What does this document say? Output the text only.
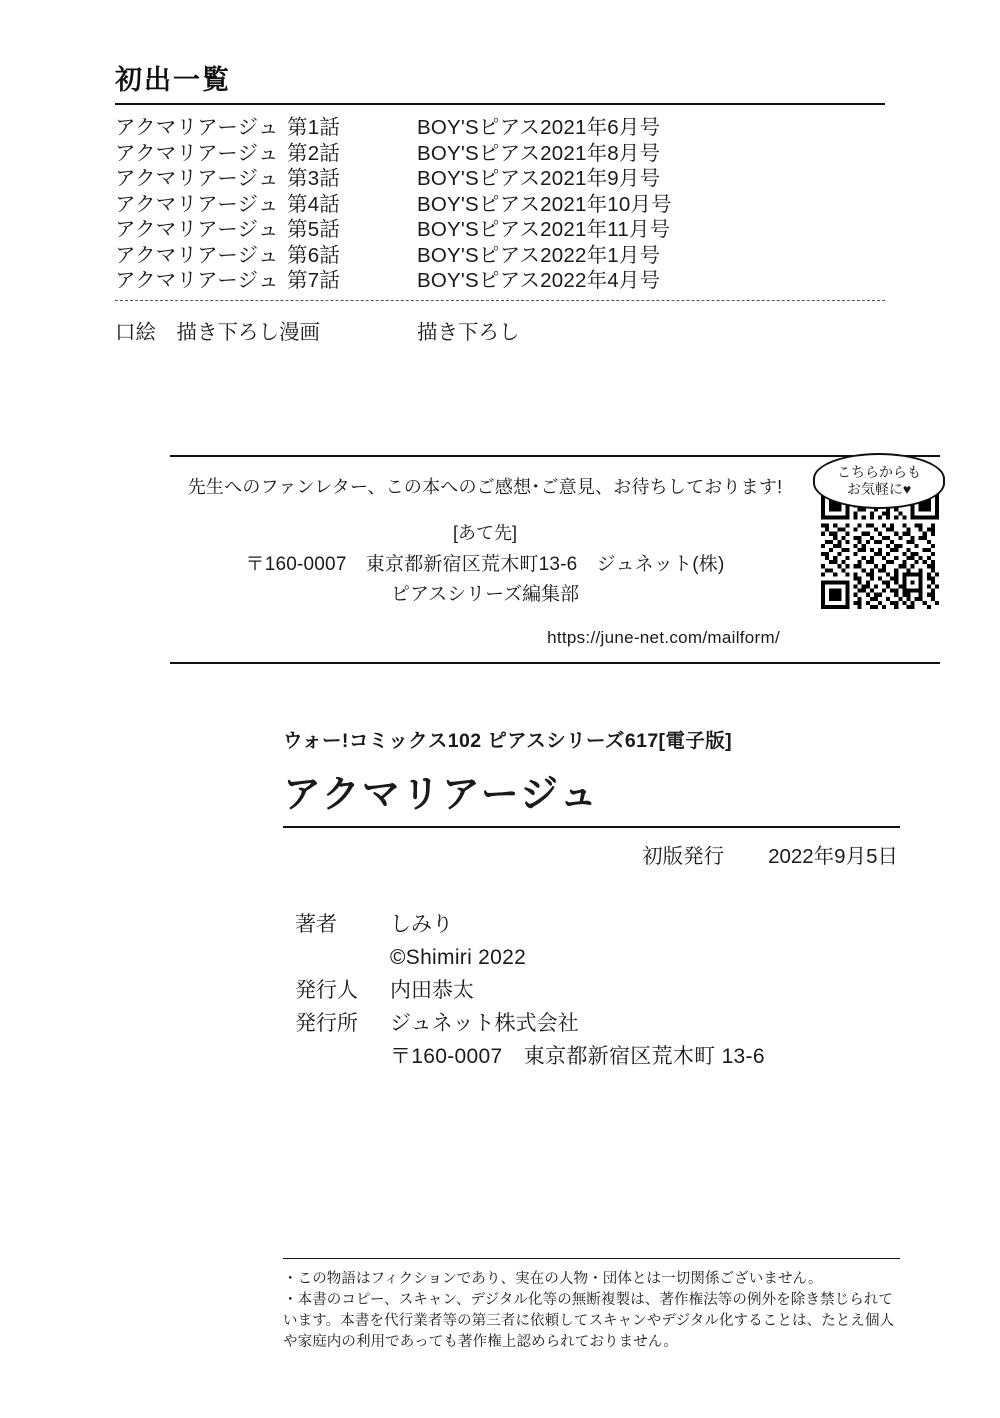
初出一覧
アクマリアージュ 第1話	BOY'Sピアス2021年6月号
アクマリアージュ 第2話	BOY'Sピアス2021年8月号
アクマリアージュ 第3話	BOY'Sピアス2021年9月号
アクマリアージュ 第4話	BOY'Sピアス2021年10月号
アクマリアージュ 第5話	BOY'Sピアス2021年11月号
アクマリアージュ 第6話	BOY'Sピアス2022年1月号
アクマリアージュ 第7話	BOY'Sピアス2022年4月号
口絵　描き下ろし漫画	描き下ろし
先生へのファンレター、この本へのご感想･ご意見、お待ちしております!
[あて先]
〒160-0007　東京都新宿区荒木町13-6　ジュネット(株)
ピアスシリーズ編集部
https://june-net.com/mailform/
こちらからも
お気軽に♥
ウォー!コミックス102 ピアスシリーズ617[電子版]
アクマリアージュ
初版発行 2022年9月5日
著者	しみり
©Shimiri 2022
発行人	内田恭太
発行所	ジュネット株式会社
〒160-0007　東京都新宿区荒木町 13-6
・この物語はフィクションであり、実在の人物・団体とは一切関係ございません。
・本書のコピー、スキャン、デジタル化等の無断複製は、著作権法等の例外を除き禁じられています。本書を代行業者等の第三者に依頼してスキャンやデジタル化することは、たとえ個人や家庭内の利用であっても著作権上認められておりません。
